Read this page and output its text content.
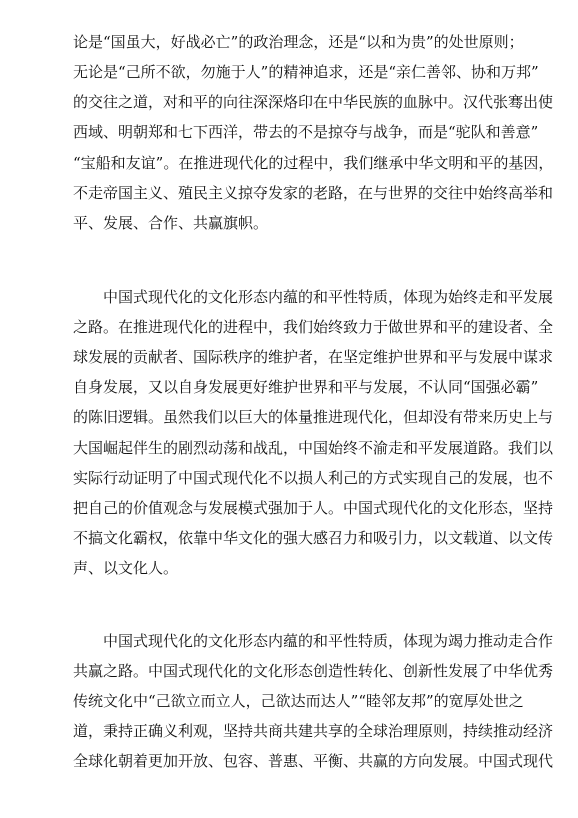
论是“国虽大，好战必亡”的政治理念，还是“以和为贵”的处世原则；
无论是“己所不欲，勿施于人”的精神追求，还是“亲仁善邻、协和万邦”
的交往之道，对和平的向往深深烙印在中华民族的血脉中。汉代张骞出使
西域、明朝郑和七下西洋，带去的不是掠夺与战争，而是“驼队和善意”
“宝船和友谊”。在推进现代化的过程中，我们继承中华文明和平的基因，
不走帝国主义、殖民主义掠夺发家的老路，在与世界的交往中始终高举和
平、发展、合作、共赢旗帜。
中国式现代化的文化形态内蕴的和平性特质，体现为始终走和平发展
之路。在推进现代化的进程中，我们始终致力于做世界和平的建设者、全
球发展的贡献者、国际秩序的维护者，在坚定维护世界和平与发展中谋求
自身发展，又以自身发展更好维护世界和平与发展，不认同“国强必霸”
的陈旧逻辑。虽然我们以巨大的体量推进现代化，但却没有带来历史上与
大国崛起伴生的剧烈动荡和战乱，中国始终不渝走和平发展道路。我们以
实际行动证明了中国式现代化不以损人利己的方式实现自己的发展，也不
把自己的价值观念与发展模式强加于人。中国式现代化的文化形态，坚持
不搞文化霸权，依靠中华文化的强大感召力和吸引力，以文载道、以文传
声、以文化人。
中国式现代化的文化形态内蕴的和平性特质，体现为竭力推动走合作
共赢之路。中国式现代化的文化形态创造性转化、创新性发展了中华优秀
传统文化中“己欲立而立人，己欲达而达人”“睦邻友邦”的宽厚处世之
道，秉持正确义利观，坚持共商共建共享的全球治理原则，持续推动经济
全球化朝着更加开放、包容、普惠、平衡、共赢的方向发展。中国式现代
